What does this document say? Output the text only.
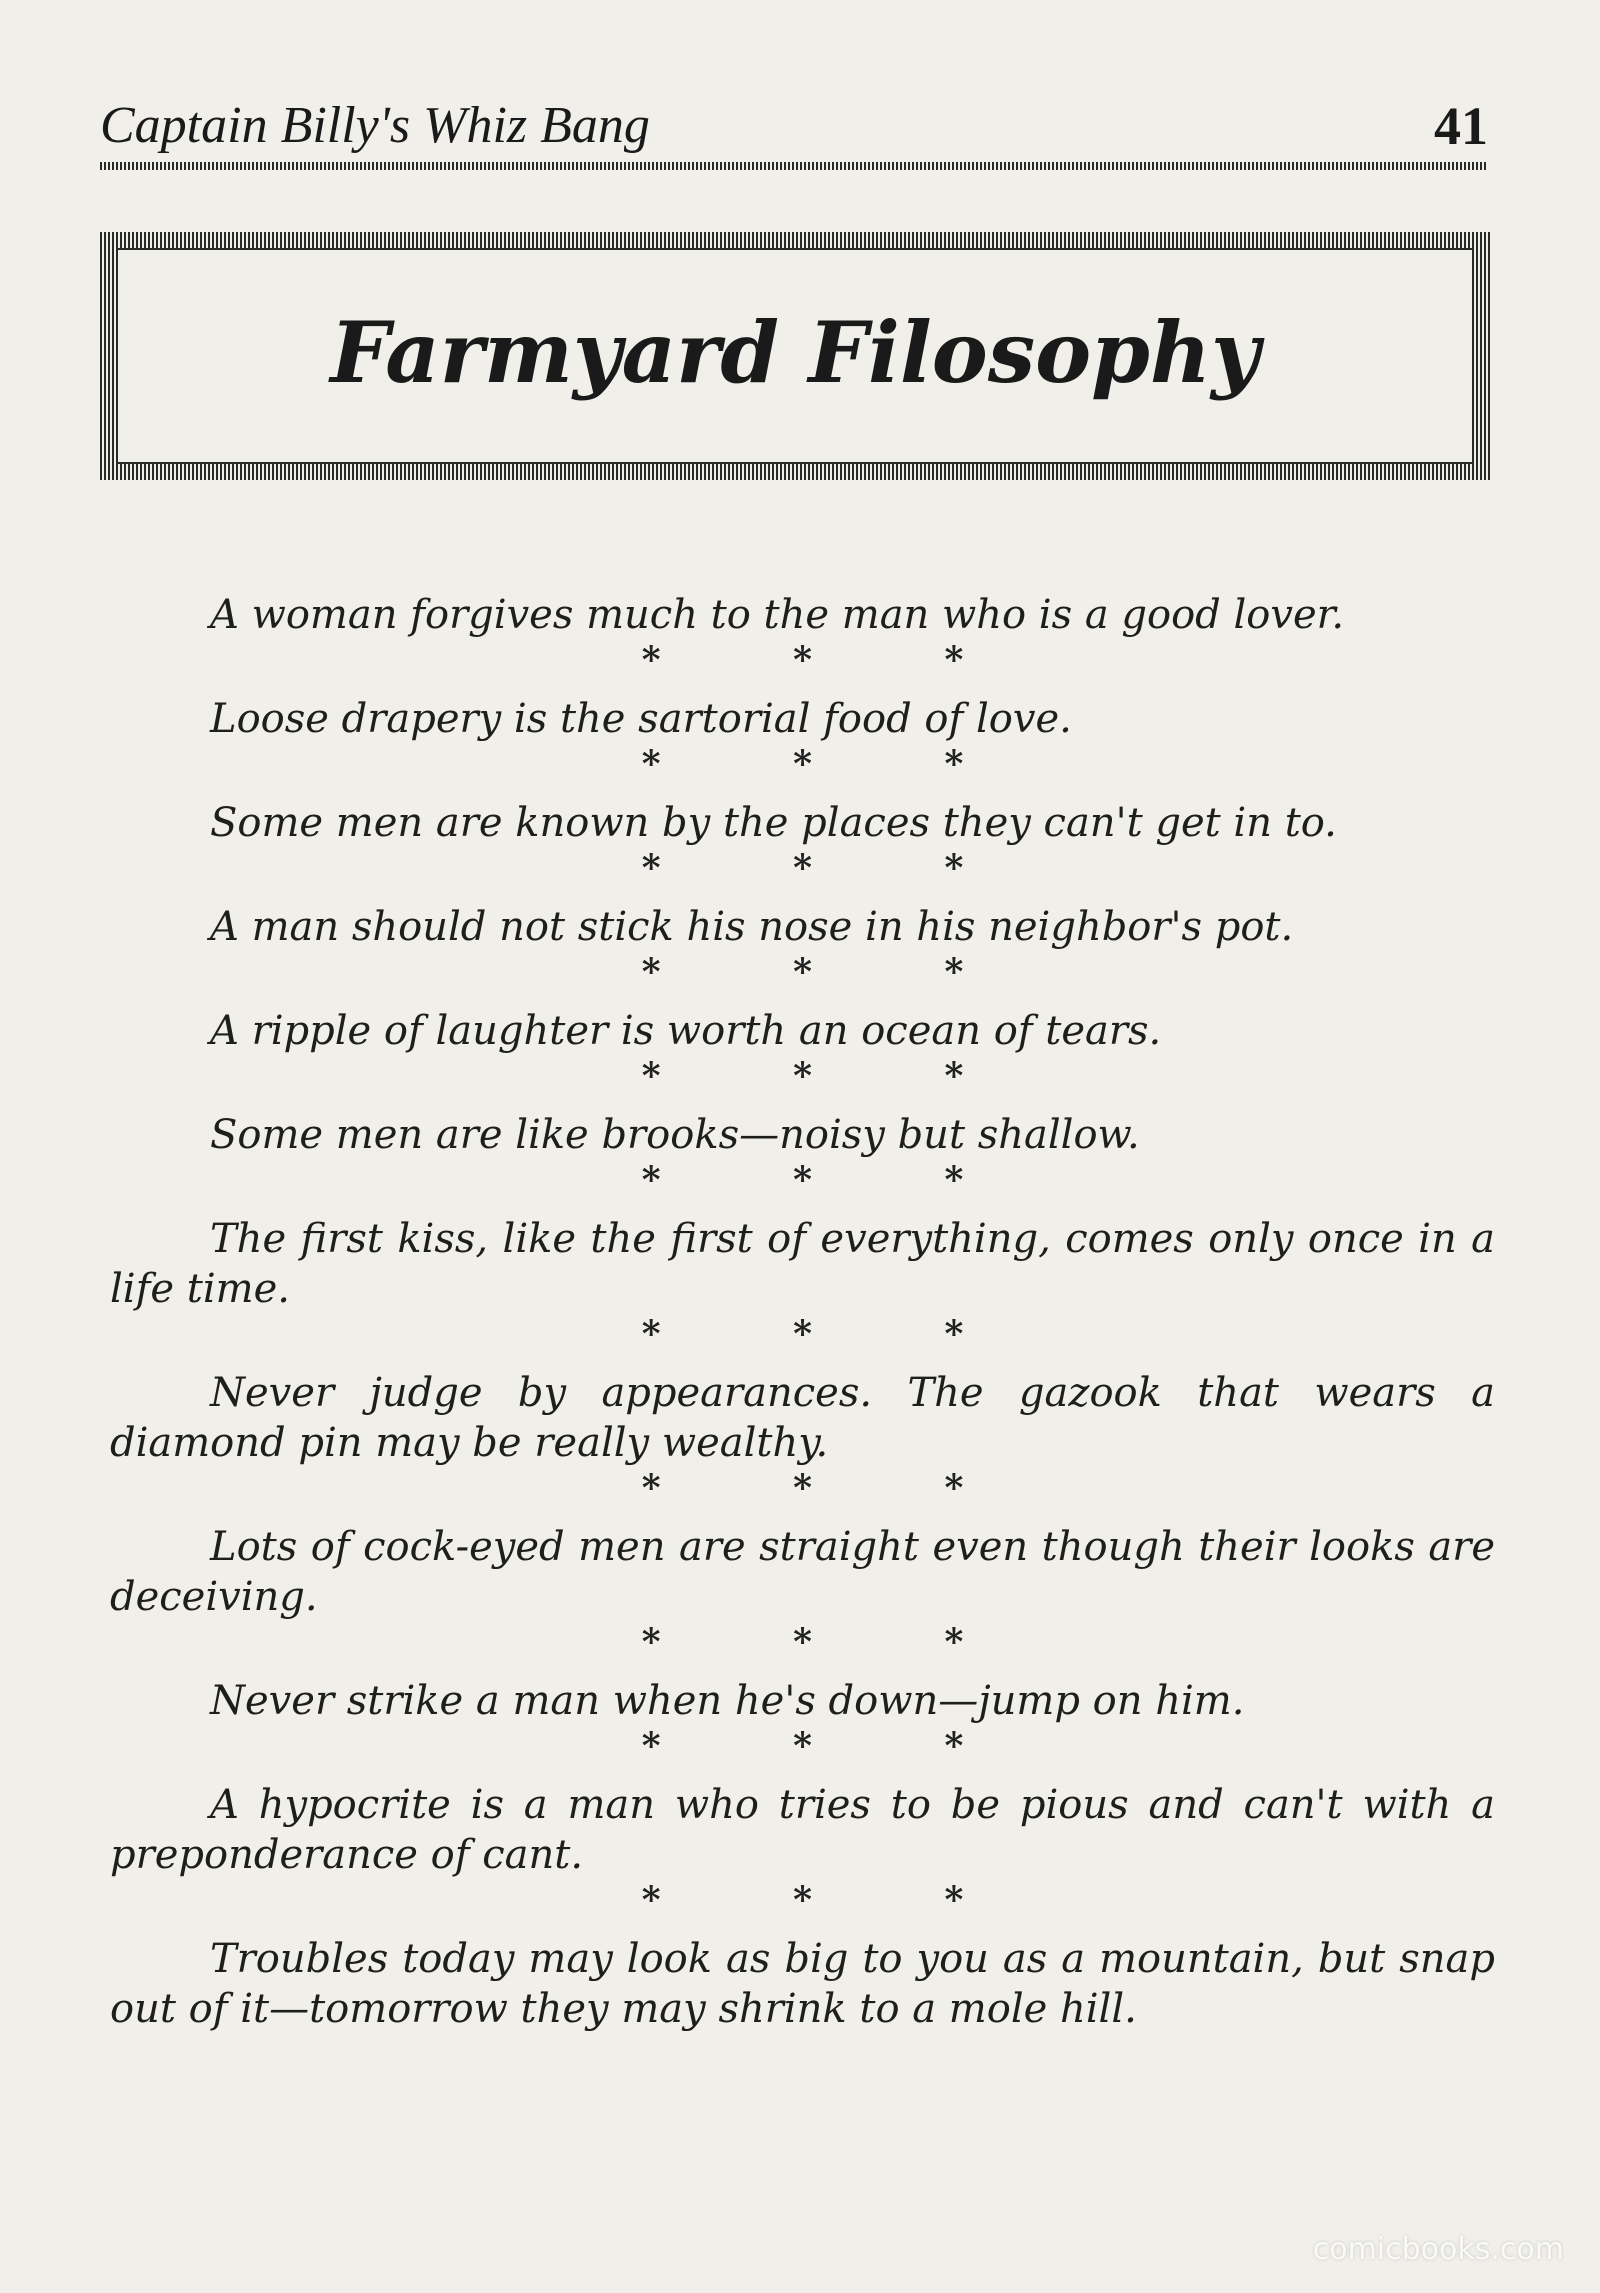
Captain Billy's Whiz Bang	41
Farmyard Filosophy

A woman forgives much to the man who is a good lover.

* * *

Loose drapery is the sartorial food of love.

* * *

Some men are known by the places they can't get in to.

* * *

A man should not stick his nose in his neighbor's pot.

* * *

A ripple of laughter is worth an ocean of tears.

* * *

Some men are like brooks—noisy but shallow.

* * *

The first kiss, like the first of everything, comes only once in a life time.

* * *

Never judge by appearances. The gazook that wears a diamond pin may be really wealthy.

* * *

Lots of cock-eyed men are straight even though their looks are deceiving.

* * *

Never strike a man when he's down—jump on him.

* * *

A hypocrite is a man who tries to be pious and can't with a preponderance of cant.

* * *

Troubles today may look as big to you as a mountain, but snap out of it—tomorrow they may shrink to a mole hill.

comicbooks.com
